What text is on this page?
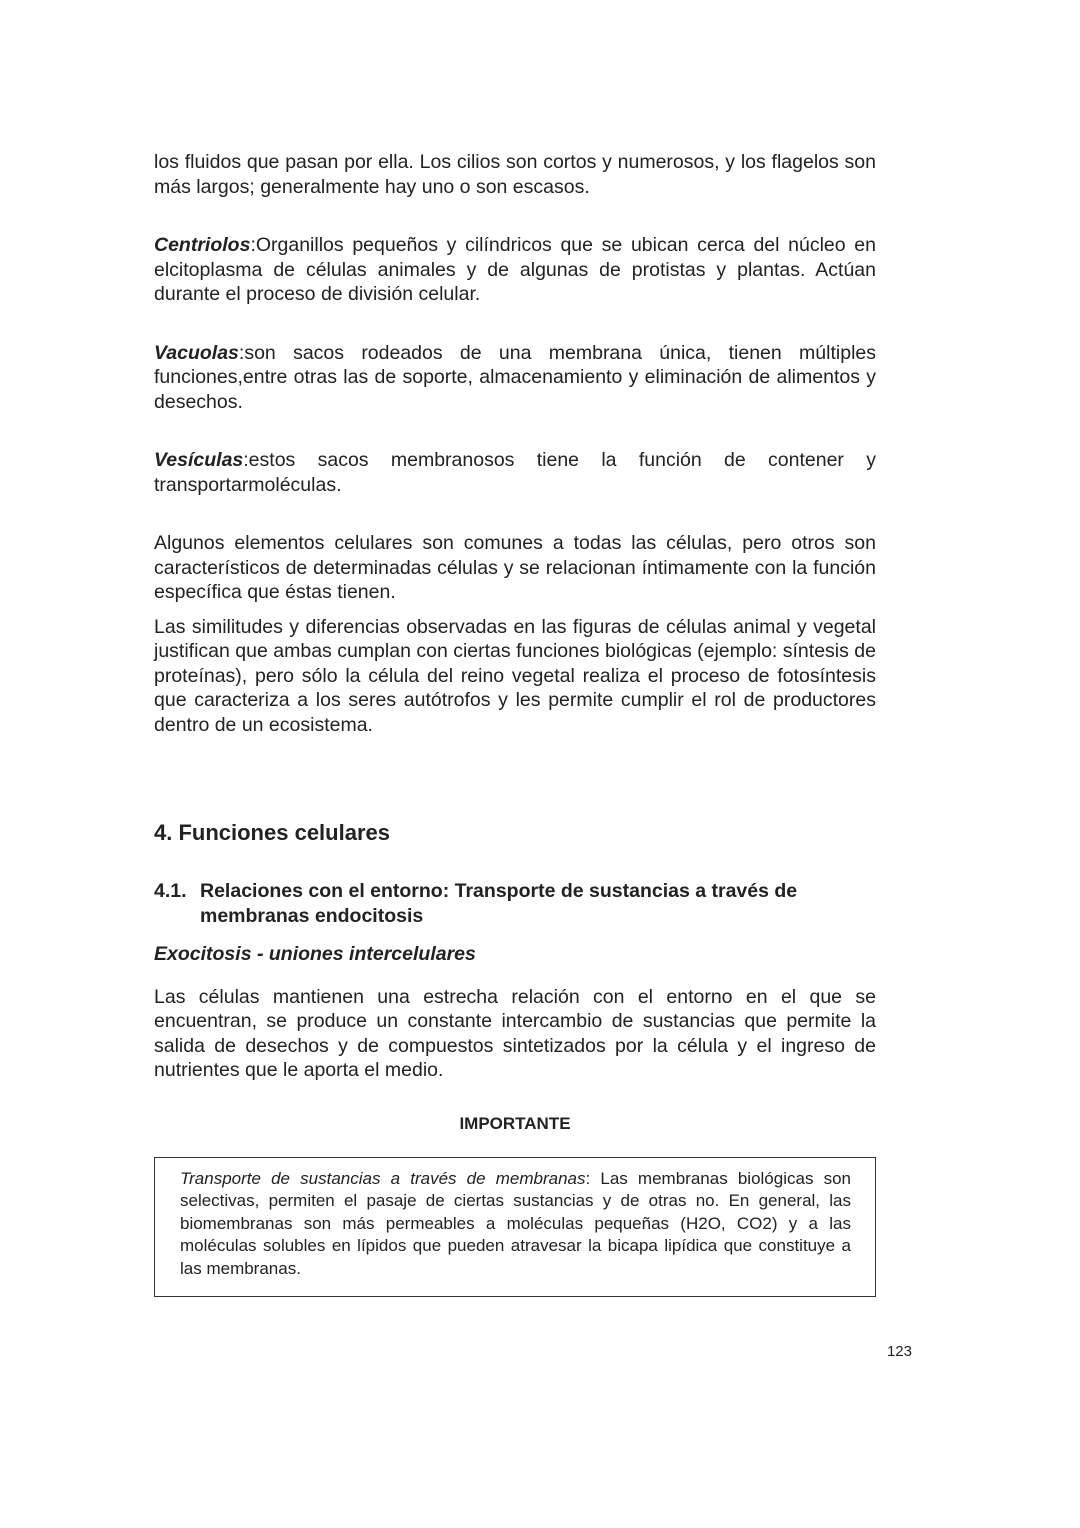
los fluidos que pasan por ella. Los cilios son cortos y numerosos, y los flagelos son más largos; generalmente hay uno o son escasos.

Centriolos:Organillos pequeños y cilíndricos que se ubican cerca del núcleo en elcitoplasma de células animales y de algunas de protistas y plantas. Actúan durante el proceso de división celular.

Vacuolas:son sacos rodeados de una membrana única, tienen múltiples funciones,entre otras las de soporte, almacenamiento y eliminación de alimentos y desechos.

Vesículas:estos sacos membranosos tiene la función de contener y transportarmoléculas.

Algunos elementos celulares son comunes a todas las células, pero otros son característicos de determinadas células y se relacionan íntimamente con la función específica que éstas tienen.

Las similitudes y diferencias observadas en las figuras de células animal y vegetal justifican que ambas cumplan con ciertas funciones biológicas (ejemplo: síntesis de proteínas), pero sólo la célula del reino vegetal realiza el proceso de fotosíntesis que caracteriza a los seres autótrofos y les permite cumplir el rol de productores dentro de un ecosistema.

4. Funciones celulares
4.1. Relaciones con el entorno: Transporte de sustancias a través de membranas endocitosis
Exocitosis - uniones intercelulares

Las células mantienen una estrecha relación con el entorno en el que se encuentran, se produce un constante intercambio de sustancias que permite la salida de desechos y de compuestos sintetizados por la célula y el ingreso de nutrientes que le aporta el medio.

IMPORTANTE

Transporte de sustancias a través de membranas: Las membranas biológicas son selectivas, permiten el pasaje de ciertas sustancias y de otras no. En general, las biomembranas son más permeables a moléculas pequeñas (H2O, CO2) y a las moléculas solubles en lípidos que pueden atravesar la bicapa lipídica que constituye a las membranas.

123
